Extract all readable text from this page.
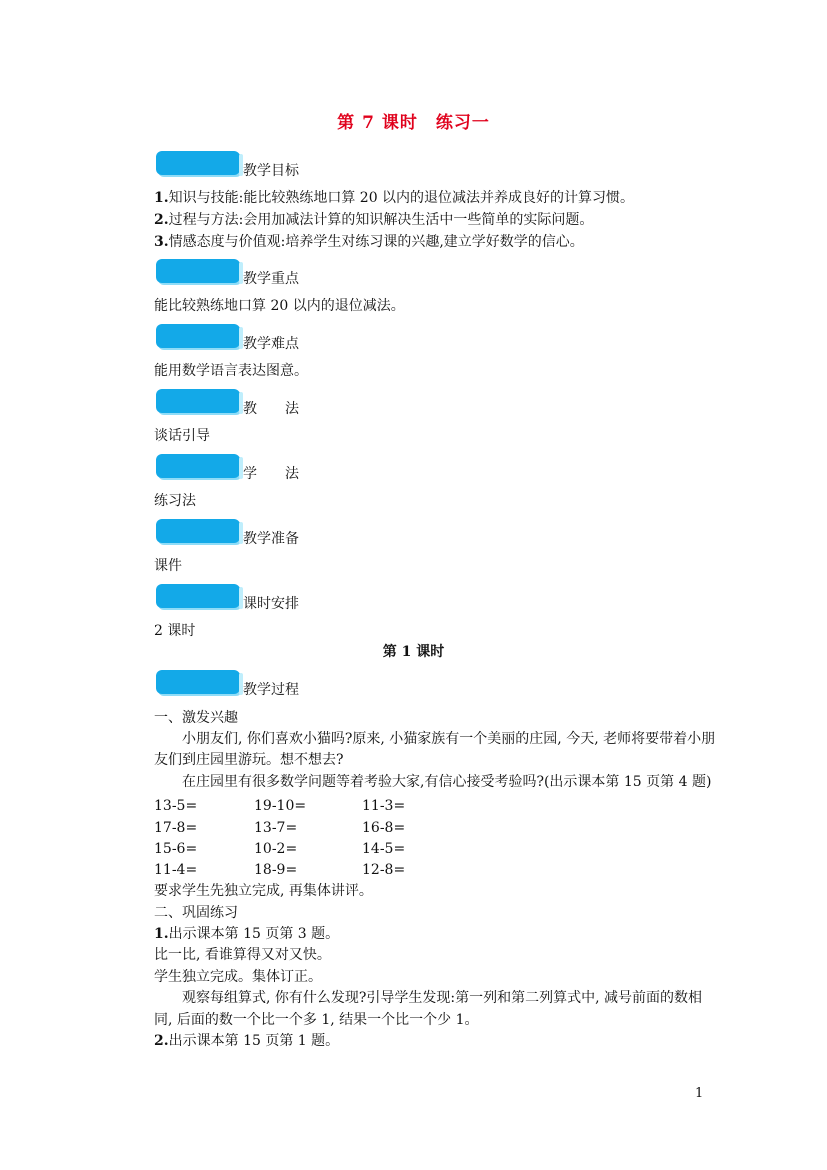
第 7 课时　练习一
教学目标
1.知识与技能:能比较熟练地口算 20 以内的退位减法并养成良好的计算习惯。
2.过程与方法:会用加减法计算的知识解决生活中一些简单的实际问题。
3.情感态度与价值观:培养学生对练习课的兴趣,建立学好数学的信心。
教学重点
能比较熟练地口算 20 以内的退位减法。
教学难点
能用数学语言表达图意。
教　　法
谈话引导
学　　法
练习法
教学准备
课件
课时安排
2 课时
第 1 课时
教学过程
一、激发兴趣
小朋友们, 你们喜欢小猫吗?原来, 小猫家族有一个美丽的庄园, 今天, 老师将要带着小朋
友们到庄园里游玩。想不想去?
在庄园里有很多数学问题等着考验大家,有信心接受考验吗?(出示课本第 15 页第 4 题)
13-5=	19-10=	11-3=
17-8=	13-7=	16-8=
15-6=	10-2=	14-5=
11-4=	18-9=	12-8=
要求学生先独立完成, 再集体讲评。
二、巩固练习
1.出示课本第 15 页第 3 题。
比一比, 看谁算得又对又快。
学生独立完成。集体订正。
观察每组算式, 你有什么发现?引导学生发现:第一列和第二列算式中, 减号前面的数相
同, 后面的数一个比一个多 1, 结果一个比一个少 1。
2.出示课本第 15 页第 1 题。
1
